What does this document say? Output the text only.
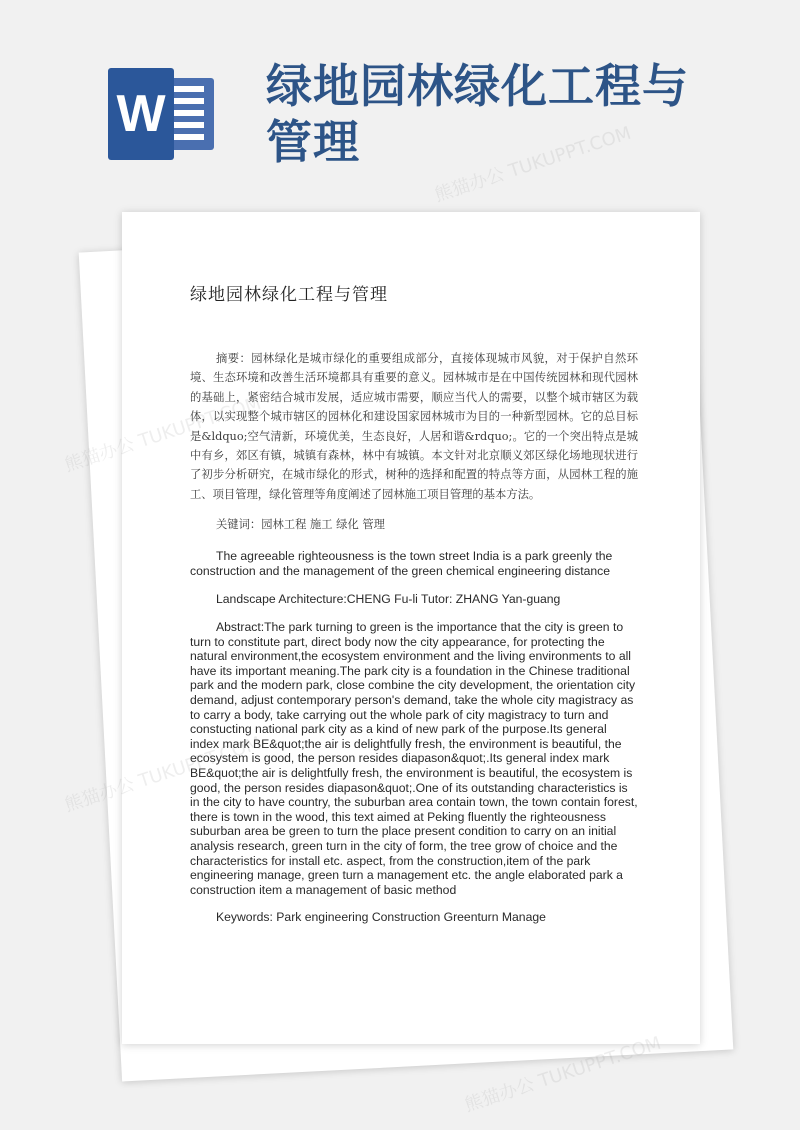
W 绿地园林绿化工程与管理
绿地园林绿化工程与管理

摘要：园林绿化是城市绿化的重要组成部分，直接体现城市风貌，对于保护自然环境、生态环境和改善生活环境都具有重要的意义。园林城市是在中国传统园林和现代园林的基础上，紧密结合城市发展，适应城市需要，顺应当代人的需要，以整个城市辖区为载体，以实现整个城市辖区的园林化和建设国家园林城市为目的一种新型园林。它的总目标是&ldquo;空气清新，环境优美，生态良好，人居和谐&rdquo;。它的一个突出特点是城中有乡，郊区有镇，城镇有森林，林中有城镇。本文针对北京顺义郊区绿化场地现状进行了初步分析研究，在城市绿化的形式，树种的选择和配置的特点等方面，从园林工程的施工、项目管理，绿化管理等角度阐述了园林施工项目管理的基本方法。

关键词：园林工程 施工 绿化 管理

The agreeable righteousness is the town street India is a park greenly the construction and the management of the green chemical engineering distance

Landscape Architecture:CHENG Fu-li Tutor: ZHANG Yan-guang

Abstract:The park turning to green is the importance that the city is green to turn to constitute part, direct body now the city appearance, for protecting the natural environment,the ecosystem environment and the living environments to all have its important meaning.The park city is a foundation in the Chinese traditional park and the modern park, close combine the city development, the orientation city demand, adjust contemporary person's demand, take the whole city magistracy as to carry a body, take carrying out the whole park of city magistracy to turn and constucting national park city as a kind of new park of the purpose.Its general index mark BE&quot;the air is delightfully fresh, the environment is beautiful, the ecosystem is good, the person resides diapason&quot;.Its general index mark BE&quot;the air is delightfully fresh, the environment is beautiful, the ecosystem is good, the person resides diapason&quot;.One of its outstanding characteristics is in the city to have country, the suburban area contain town, the town contain forest, there is town in the wood, this text aimed at Peking fluently the righteousness suburban area be green to turn the place present condition to carry on an initial analysis research, green turn in the city of form, the tree grow of choice and the characteristics for install etc. aspect, from the construction,item of the park engineering manage, green turn a management etc. the angle elaborated park a construction item a management of basic method

Keywords: Park engineering Construction Greenturn Manage

熊猫办公 TUKUPPT.COM
熊猫办公
熊猫办公 TUKUPPT.COM
